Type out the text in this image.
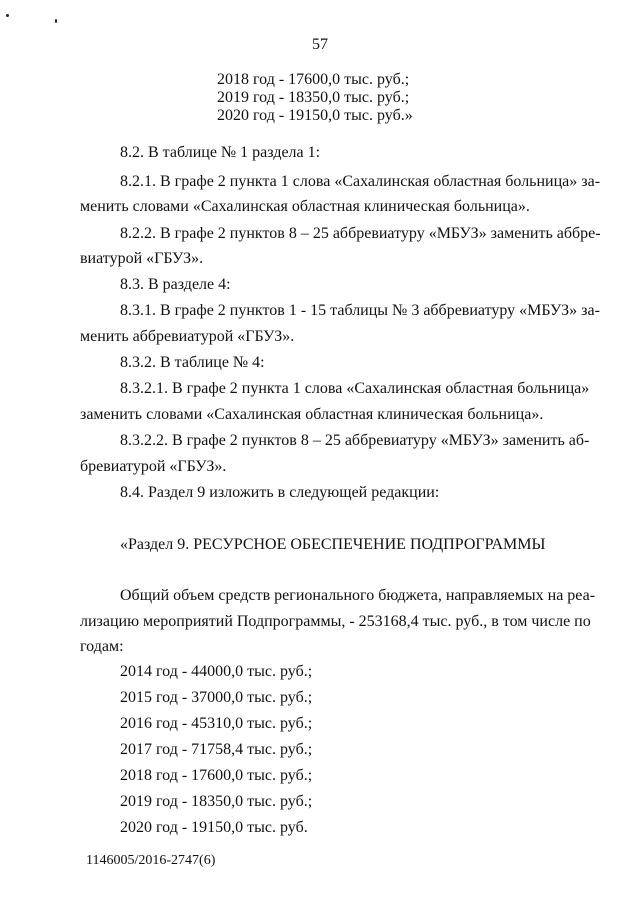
57
2018 год - 17600,0 тыс. руб.;
2019 год - 18350,0 тыс. руб.;
2020 год - 19150,0 тыс. руб.»
8.2. В таблице № 1 раздела 1:
8.2.1. В графе 2 пункта 1 слова «Сахалинская областная больница» за-
менить словами «Сахалинская областная клиническая больница».
8.2.2. В графе 2 пунктов 8 – 25 аббревиатуру «МБУЗ» заменить аббре-
виатурой «ГБУЗ».
8.3. В разделе 4:
8.3.1. В графе 2 пунктов 1 - 15 таблицы № 3 аббревиатуру «МБУЗ» за-
менить аббревиатурой «ГБУЗ».
8.3.2. В таблице № 4:
8.3.2.1. В графе 2 пункта 1 слова «Сахалинская областная больница»
заменить словами «Сахалинская областная клиническая больница».
8.3.2.2. В графе 2 пунктов 8 – 25 аббревиатуру «МБУЗ» заменить аб-
бревиатурой «ГБУЗ».
8.4. Раздел 9 изложить в следующей редакции:
«Раздел 9. РЕСУРСНОЕ ОБЕСПЕЧЕНИЕ ПОДПРОГРАММЫ
Общий объем средств регионального бюджета, направляемых на реа-
лизацию мероприятий Подпрограммы, - 253168,4 тыс. руб., в том числе по
годам:
2014 год - 44000,0 тыс. руб.;
2015 год - 37000,0 тыс. руб.;
2016 год - 45310,0 тыс. руб.;
2017 год - 71758,4 тыс. руб.;
2018 год - 17600,0 тыс. руб.;
2019 год - 18350,0 тыс. руб.;
2020 год - 19150,0 тыс. руб.
1146005/2016-2747(6)
